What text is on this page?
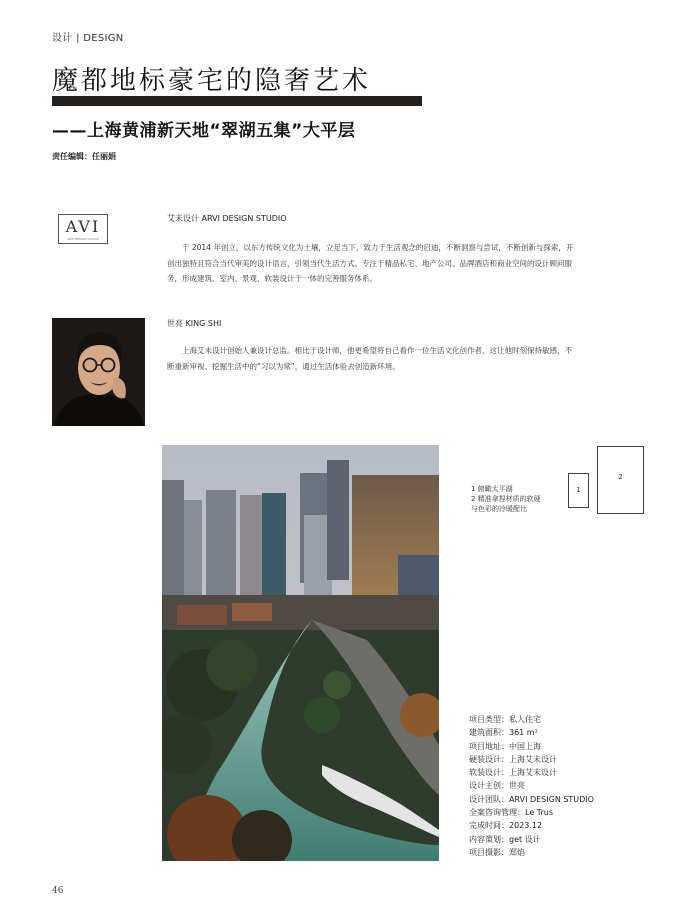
设计 | DESIGN
魔都地标豪宅的隐奢艺术
——上海黄浦新天地“翠湖五集”大平层
责任编辑：任丽娟
AVI
ARVI DESIGN STUDIO
艾未设计 ARVI DESIGN STUDIO

于 2014 年创立，以东方传统文化为土壤，立足当下，致力于生活观念的启迪，不断洞察与尝试，不断创新与探索，开创出独特且符合当代审美的设计语言，引领当代生活方式。专注于精品私宅、地产公司、品牌酒店和商业空间的设计顾问服务，形成建筑、室内、景观、软装设计于一体的完善服务体系。

世亮 KING SHI

上海艾未设计创始人兼设计总监。相比于设计师，他更希望将自己看作一位生活文化创作者，这让他时刻保持敏感，不断重新审视、挖掘生活中的“习以为常”，通过生活体验去创造新环境。

1 俯瞰太平湖
2 精准拿捏材质的软硬
与色彩的冷暖配比
1
2
项目类型：私人住宅
建筑面积：361 m²
项目地址：中国上海
硬装设计：上海艾未设计
软装设计：上海艾未设计
设计主创：世亮
设计团队：ARVI DESIGN STUDIO
全案咨询管理：Le Trus
完成时间：2023.12
内容策划：get 设计
项目摄影：郑焰
46
